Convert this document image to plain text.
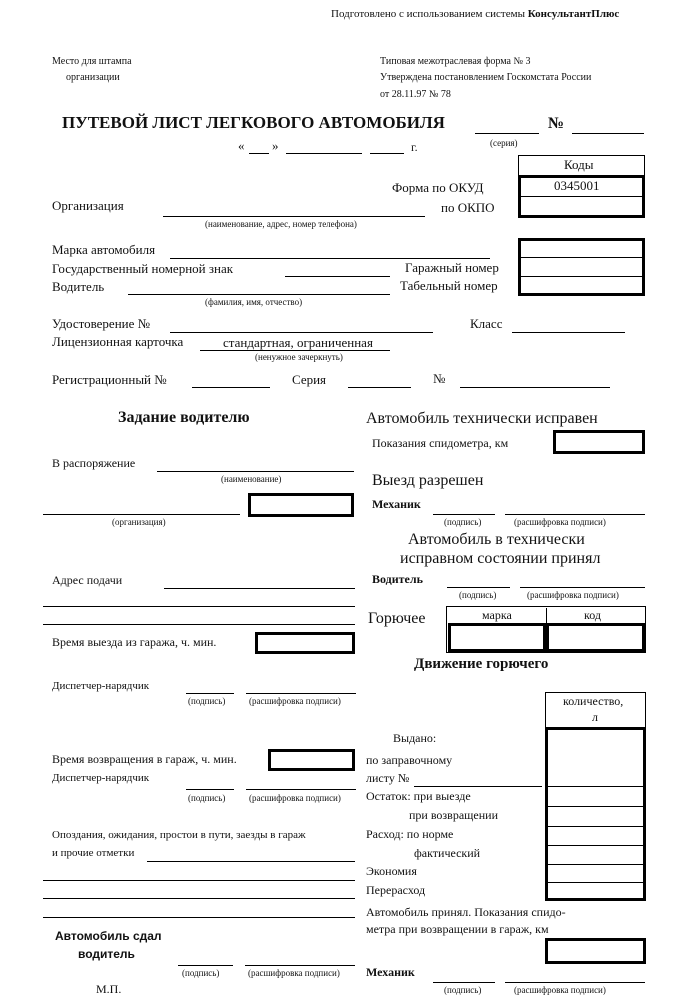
Подготовлено с использованием системы КонсультантПлюс
Место для штампа
организации
Типовая межотраслевая форма № 3
Утверждена постановлением Госкомстата России
от 28.11.97 № 78
ПУТЕВОЙ ЛИСТ ЛЕГКОВОГО АВТОМОБИЛЯ
(серия)
№
« »	г.
Коды
0345001
Форма по ОКУД
по ОКПО
Организация
(наименование, адрес, номер телефона)
Марка автомобиля
Государственный номерной знак	Гаражный номер
Водитель	Табельный номер
(фамилия, имя, отчество)
Удостоверение №	Класс
Лицензионная карточка	стандартная, ограниченная
(ненужное зачеркнуть)
Регистрационный №	Серия	№
Задание водителю
В распоряжение
(наименование)
(организация)
Адрес подачи
Время выезда из гаража, ч. мин.
Диспетчер-нарядчик
(подпись)	(расшифровка подписи)
Время возвращения в гараж, ч. мин.
Диспетчер-нарядчик
(подпись)	(расшифровка подписи)
Опоздания, ожидания, простои в пути, заезды в гараж
и прочие отметки
Автомобиль сдал
водитель
(подпись)	(расшифровка подписи)
М.П.
Автомобиль технически исправен
Показания спидометра, км
Выезд разрешен
Механик
(подпись)	(расшифровка подписи)
Автомобиль в технически
исправном состоянии принял
Водитель
(подпись)	(расшифровка подписи)
Горючее	марка	код
Движение горючего
количество,
л
Выдано:
по заправочному
листу №
Остаток: при выезде
при возвращении
Расход: по норме
фактический
Экономия
Перерасход
Автомобиль принял. Показания спидо-
метра при возвращении в гараж, км
Механик
(подпись)	(расшифровка подписи)
